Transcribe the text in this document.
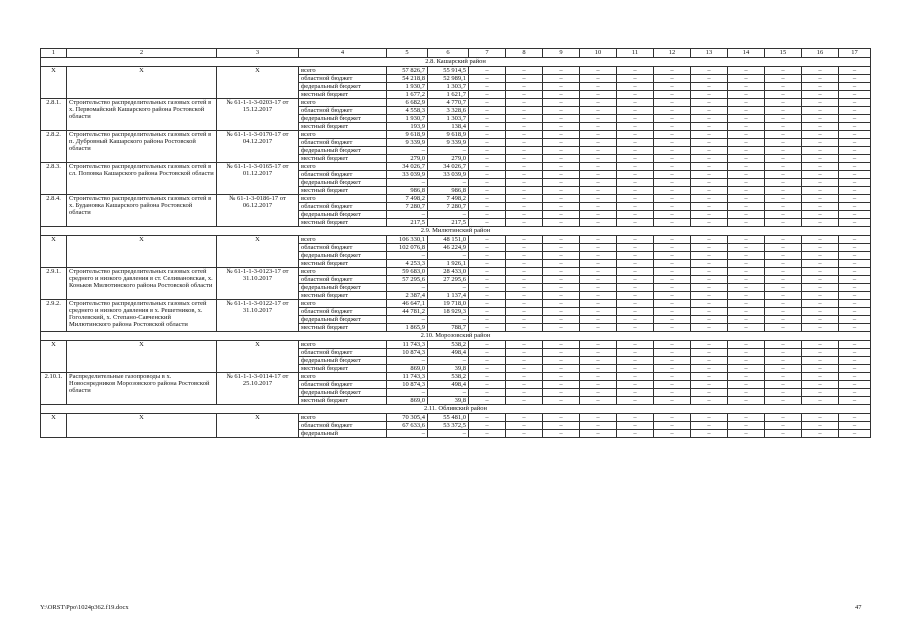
1	2	3	4	5	6	7	8	9	10	11	12	13	14	15	16	17
2.8. Кашарский район																
X	X	X	всего	57 826,7	55 914,5	–	–	–	–	–	–	–	–	–	–	–
			областной бюджет	54 218,8	52 989,1	–	–	–	–	–	–	–	–	–	–	–
			федеральный бюджет	1 930,7	1 303,7	–	–	–	–	–	–	–	–	–	–	–
			местный бюджет	1 677,2	1 621,7	–	–	–	–	–	–	–	–	–	–	–
2.8.1.	Строительство распределительных газовых сетей в х. Первомайский Кашарского района Ростовской области	№ 61-1-1-3-0203-17 от 15.12.2017	всего	6 682,9	4 770,7	–	–	–	–	–	–	–	–	–	–	–
			областной бюджет	4 558,3	3 328,6	–	–	–	–	–	–	–	–	–	–	–
			федеральный бюджет	1 930,7	1 303,7	–	–	–	–	–	–	–	–	–	–	–
			местный бюджет	193,9	138,4	–	–	–	–	–	–	–	–	–	–	–
2.8.2.	Строительство распределительных газовых сетей в п. Дубровный Кашарского района Ростовской области	№ 61-1-1-3-0170-17 от 04.12.2017	всего	9 618,9	9 618,9	–	–	–	–	–	–	–	–	–	–	–
			областной бюджет	9 339,9	9 339,9	–	–	–	–	–	–	–	–	–	–	–
			федеральный бюджет	–	–	–	–	–	–	–	–	–	–	–	–	–
			местный бюджет	279,0	279,0	–	–	–	–	–	–	–	–	–	–	–
2.8.3.	Строительство распределительных газовых сетей в сл. Поповка Кашарского района Ростовской области	№ 61-1-1-3-0165-17 от 01.12.2017	всего	34 026,7	34 026,7	–	–	–	–	–	–	–	–	–	–	–
			областной бюджет	33 039,9	33 039,9	–	–	–	–	–	–	–	–	–	–	–
			федеральный бюджет	–	–	–	–	–	–	–	–	–	–	–	–	–
			местный бюджет	986,8	986,8	–	–	–	–	–	–	–	–	–	–	–
2.8.4.	Строительство распределительных газовых сетей в х. Будановка Кашарского района Ростовской области	№ 61-1-3-0186-17 от 06.12.2017	всего	7 498,2	7 498,2	–	–	–	–	–	–	–	–	–	–	–
			областной бюджет	7 280,7	7 280,7	–	–	–	–	–	–	–	–	–	–	–
			федеральный бюджет	–	–	–	–	–	–	–	–	–	–	–	–	–
			местный бюджет	217,5	217,5	–	–	–	–	–	–	–	–	–	–	–
2.9. Милютинский район																
X	X	X	всего	106 330,1	48 151,0	–	–	–	–	–	–	–	–	–	–	–
			областной бюджет	102 076,8	46 224,9	–	–	–	–	–	–	–	–	–	–	–
			федеральный бюджет	–	–	–	–	–	–	–	–	–	–	–	–	–
			местный бюджет	4 253,3	1 926,1	–	–	–	–	–	–	–	–	–	–	–
2.9.1.	Строительство распределительных газовых сетей среднего и низкого давления в ст. Селивановская, х. Коньков Милютинского района Ростовской области	№ 61-1-1-3-0123-17 от 31.10.2017	всего	59 683,0	28 433,0	–	–	–	–	–	–	–	–	–	–	–
			областной бюджет	57 295,6	27 295,6	–	–	–	–	–	–	–	–	–	–	–
			федеральный бюджет	–	–	–	–	–	–	–	–	–	–	–	–	–
			местный бюджет	2 387,4	1 137,4	–	–	–	–	–	–	–	–	–	–	–
2.9.2.	Строительство распределительных газовых сетей среднего и низкого давления в х. Решетников, х. Гоголевский, х. Степано-Савченский Милютинского района Ростовской области	№ 61-1-1-3-0122-17 от 31.10.2017	всего	46 647,1	19 718,0	–	–	–	–	–	–	–	–	–	–	–
			областной бюджет	44 781,2	18 929,3	–	–	–	–	–	–	–	–	–	–	–
			федеральный бюджет	–	–	–	–	–	–	–	–	–	–	–	–	–
			местный бюджет	1 865,9	788,7	–	–	–	–	–	–	–	–	–	–	–
2.10. Морозовский район																
X	X	X	всего	11 743,3	538,2	–	–	–	–	–	–	–	–	–	–	–
			областной бюджет	10 874,3	498,4	–	–	–	–	–	–	–	–	–	–	–
			федеральный бюджет	–	–	–	–	–	–	–	–	–	–	–	–	–
			местный бюджет	869,0	39,8	–	–	–	–	–	–	–	–	–	–	–
2.10.1.	Распределительные газопроводы в х. Новоснредников Морозовского района Ростовской области	№ 61-1-1-3-0114-17 от 25.10.2017	всего	11 743,3	538,2	–	–	–	–	–	–	–	–	–	–	–
			областной бюджет	10 874,3	498,4	–	–	–	–	–	–	–	–	–	–	–
			федеральный бюджет	–	–	–	–	–	–	–	–	–	–	–	–	–
			местный бюджет	869,0	39,8	–	–	–	–	–	–	–	–	–	–	–
2.11. Обливский район																
X	X	X	всего	70 305,4	55 481,0	–	–	–	–	–	–	–	–	–	–	–
			областной бюджет	67 633,6	53 372,5	–	–	–	–	–	–	–	–	–	–	–
			федеральный	–	–	–	–	–	–	–	–	–	–	–	–	–
Y:\ORST\Ppo\1024p362.f19.docx	47
